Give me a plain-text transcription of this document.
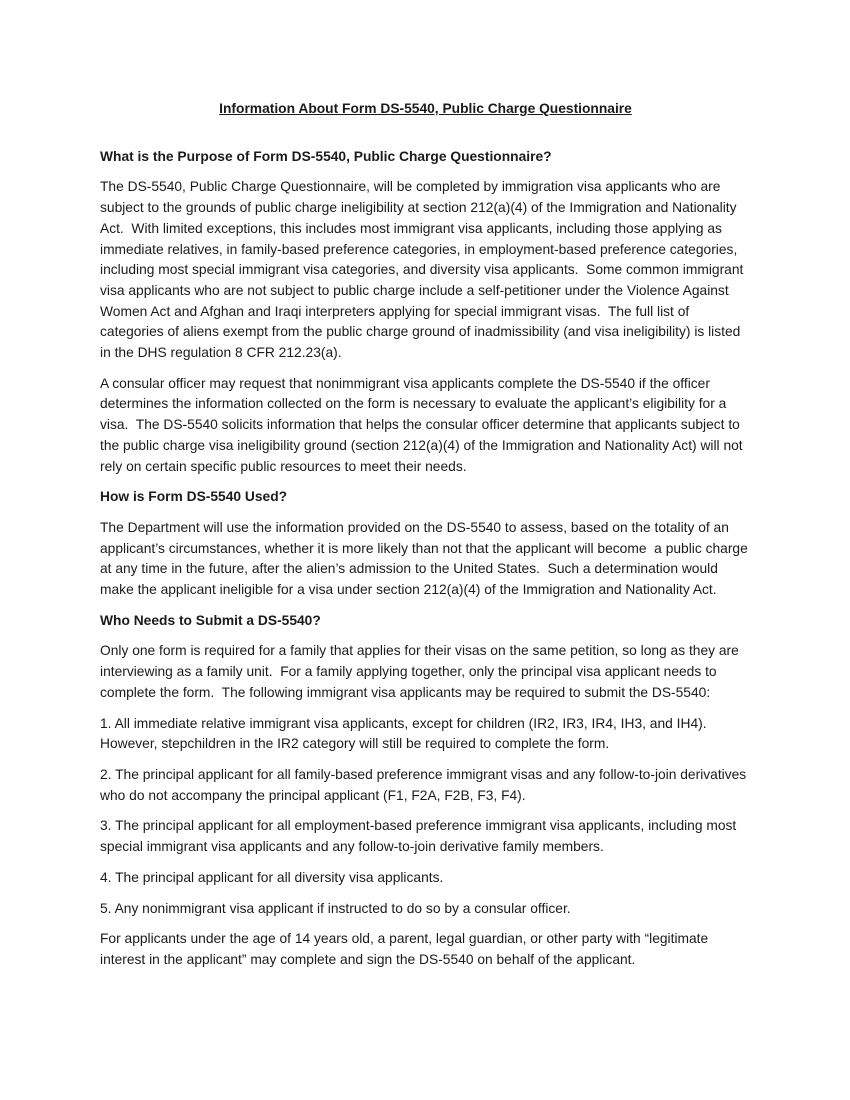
Information About Form DS-5540, Public Charge Questionnaire
What is the Purpose of Form DS-5540, Public Charge Questionnaire?

The DS-5540, Public Charge Questionnaire, will be completed by immigration visa applicants who are subject to the grounds of public charge ineligibility at section 212(a)(4) of the Immigration and Nationality Act.  With limited exceptions, this includes most immigrant visa applicants, including those applying as immediate relatives, in family-based preference categories, in employment-based preference categories, including most special immigrant visa categories, and diversity visa applicants.  Some common immigrant visa applicants who are not subject to public charge include a self-petitioner under the Violence Against Women Act and Afghan and Iraqi interpreters applying for special immigrant visas.  The full list of categories of aliens exempt from the public charge ground of inadmissibility (and visa ineligibility) is listed in the DHS regulation 8 CFR 212.23(a).

A consular officer may request that nonimmigrant visa applicants complete the DS-5540 if the officer determines the information collected on the form is necessary to evaluate the applicant’s eligibility for a visa.  The DS-5540 solicits information that helps the consular officer determine that applicants subject to the public charge visa ineligibility ground (section 212(a)(4) of the Immigration and Nationality Act) will not rely on certain specific public resources to meet their needs.

How is Form DS-5540 Used?

The Department will use the information provided on the DS-5540 to assess, based on the totality of an applicant’s circumstances, whether it is more likely than not that the applicant will become  a public charge at any time in the future, after the alien’s admission to the United States.  Such a determination would make the applicant ineligible for a visa under section 212(a)(4) of the Immigration and Nationality Act.

Who Needs to Submit a DS-5540?

Only one form is required for a family that applies for their visas on the same petition, so long as they are interviewing as a family unit.  For a family applying together, only the principal visa applicant needs to complete the form.  The following immigrant visa applicants may be required to submit the DS-5540:

1. All immediate relative immigrant visa applicants, except for children (IR2, IR3, IR4, IH3, and IH4). However, stepchildren in the IR2 category will still be required to complete the form.

2. The principal applicant for all family-based preference immigrant visas and any follow-to-join derivatives who do not accompany the principal applicant (F1, F2A, F2B, F3, F4).

3. The principal applicant for all employment-based preference immigrant visa applicants, including most special immigrant visa applicants and any follow-to-join derivative family members.

4. The principal applicant for all diversity visa applicants.

5. Any nonimmigrant visa applicant if instructed to do so by a consular officer.

For applicants under the age of 14 years old, a parent, legal guardian, or other party with “legitimate interest in the applicant” may complete and sign the DS-5540 on behalf of the applicant.
